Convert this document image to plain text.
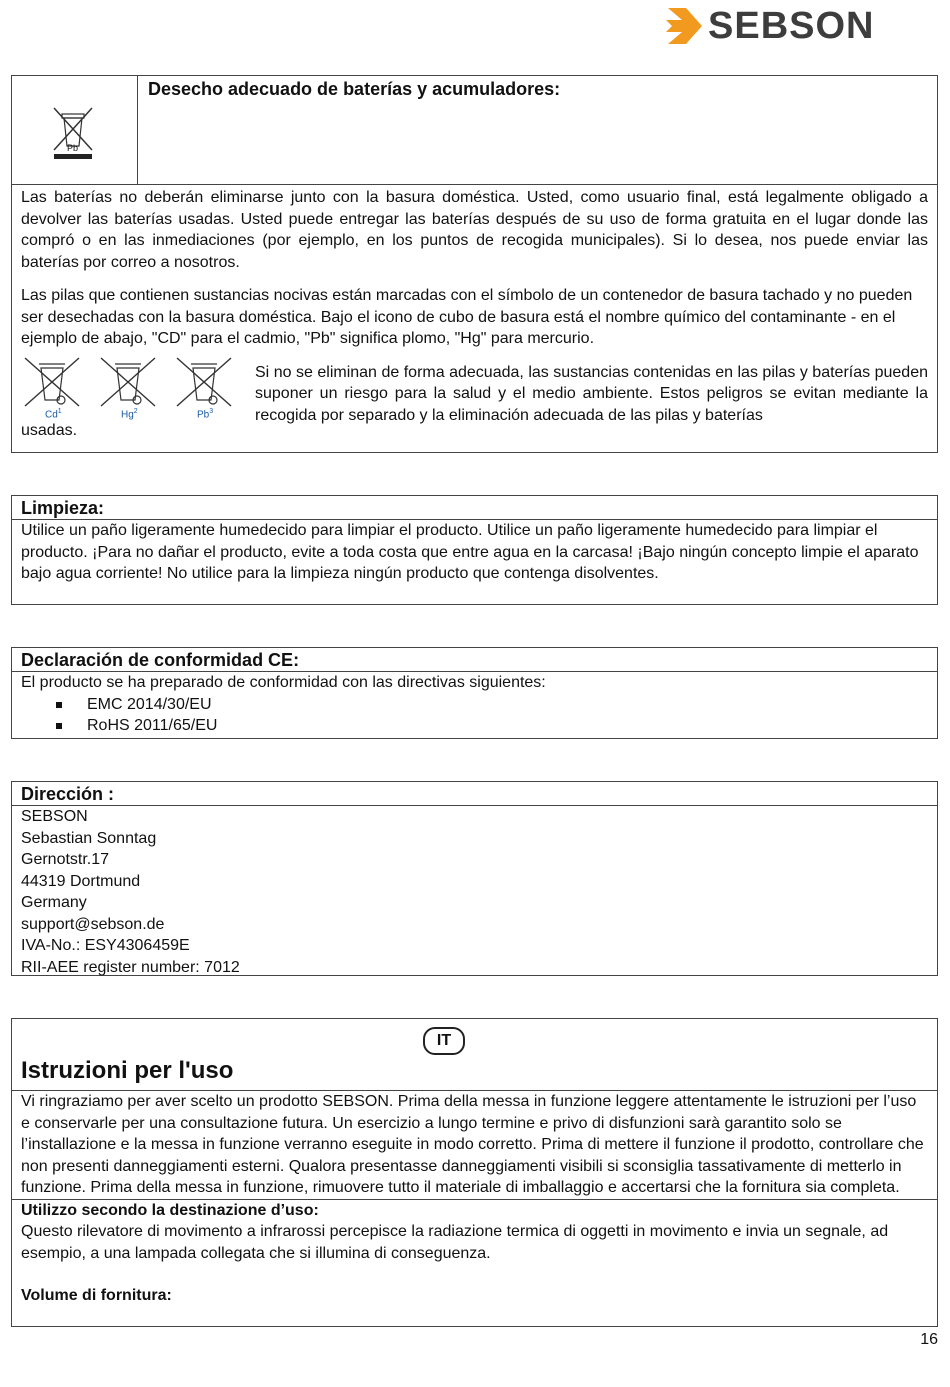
SEBSON
Pb

Desecho adecuado de baterías y acumuladores:

Las baterías no deberán eliminarse junto con la basura doméstica. Usted, como usuario final, está legalmente obligado a devolver las baterías usadas. Usted puede entregar las baterías después de su uso de forma gratuita en el lugar donde las compró o en las inmediaciones (por ejemplo, en los puntos de recogida municipales). Si lo desea, nos puede enviar las baterías por correo a nosotros.

Las pilas que contienen sustancias nocivas están marcadas con el símbolo de un contenedor de basura tachado y no pueden ser desechadas con la basura doméstica. Bajo el icono de cubo de basura está el nombre químico del contaminante - en el ejemplo de abajo, "CD" para el cadmio, "Pb" significa plomo, "Hg" para mercurio.

Cd$^1$	Hg$^2$	Pb$^3$

Si no se eliminan de forma adecuada, las sustancias contenidas en las pilas y baterías pueden suponer un riesgo para la salud y el medio ambiente. Estos peligros se evitan mediante la recogida por separado y la eliminación adecuada de las pilas y baterías

usadas.

Limpieza:

Utilice un paño ligeramente humedecido para limpiar el producto. Utilice un paño ligeramente humedecido para limpiar el producto. ¡Para no dañar el producto, evite a toda costa que entre agua en la carcasa! ¡Bajo ningún concepto limpie el aparato bajo agua corriente! No utilice para la limpieza ningún producto que contenga disolventes.

Declaración de conformidad CE:

El producto se ha preparado de conformidad con las directivas siguientes:

EMC 2014/30/EU
RoHS 2011/65/EU

Dirección :

SEBSON

Sebastian Sonntag

Gernotstr.17

44319 Dortmund

Germany

support@sebson.de

IVA-No.: ESY4306459E

RII-AEE register number: 7012

IT

Istruzioni per l'uso

Vi ringraziamo per aver scelto un prodotto SEBSON. Prima della messa in funzione leggere attentamente le istruzioni per l’uso e conservarle per una consultazione futura. Un esercizio a lungo termine e privo di disfunzioni sarà garantito solo se l’installazione e la messa in funzione verranno eseguite in modo corretto. Prima di mettere il funzione il prodotto, controllare che non presenti danneggiamenti esterni. Qualora presentasse danneggiamenti visibili si sconsiglia tassativamente di metterlo in funzione. Prima della messa in funzione, rimuovere tutto il materiale di imballaggio e accertarsi che la fornitura sia completa.

Utilizzo secondo la destinazione d’uso:

Questo rilevatore di movimento a infrarossi percepisce la radiazione termica di oggetti in movimento e invia un segnale, ad esempio, a una lampada collegata che si illumina di conseguenza.

Volume di fornitura:

16
